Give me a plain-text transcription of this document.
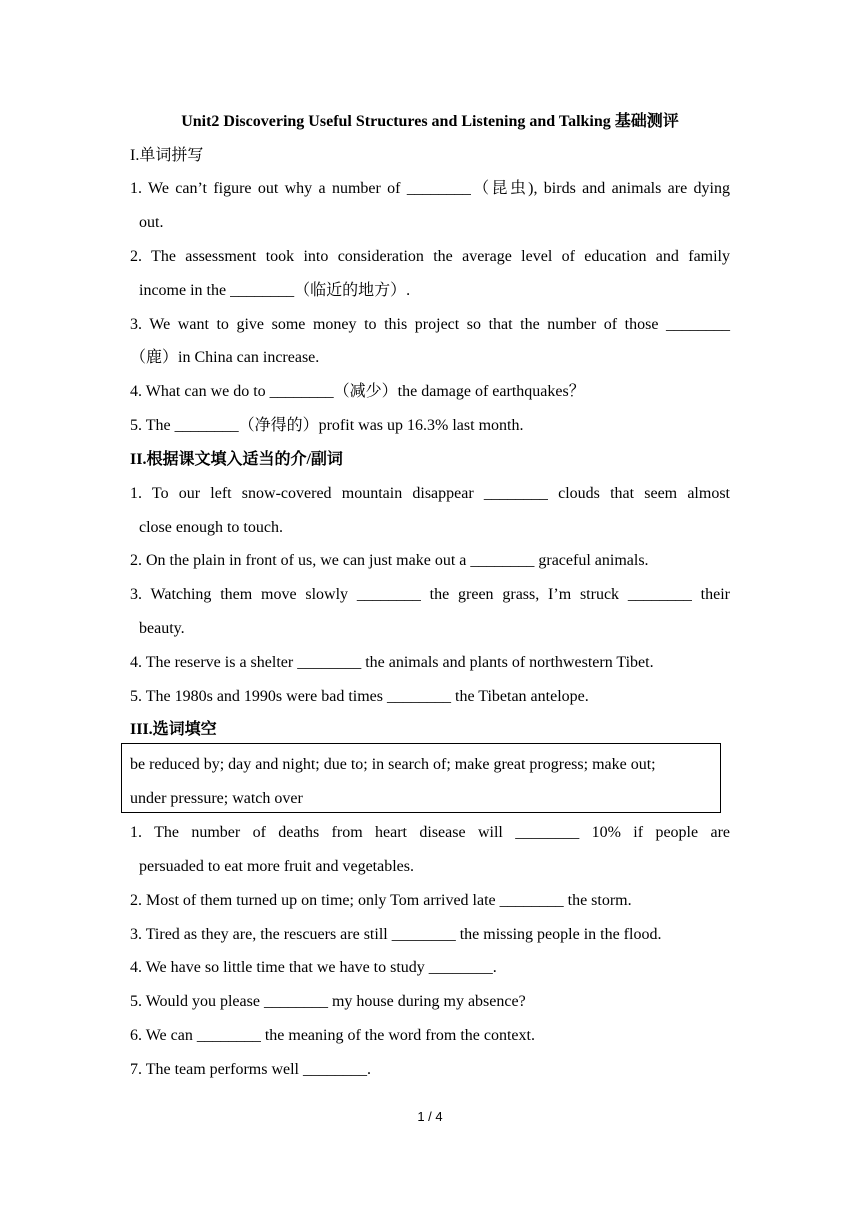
Unit2 Discovering Useful Structures and Listening and Talking 基础测评
I.单词拼写
1. We can’t figure out why a number of ________（昆虫), birds and animals are dying
out.
2. The assessment took into consideration the average level of education and family
income in the ________（临近的地方）.
3. We want to give some money to this project so that the number of those ________
（鹿）in China can increase.
4. What can we do to ________（减少）the damage of earthquakes？
5. The ________（净得的）profit was up 16.3% last month.
II.根据课文填入适当的介/副词
1. To our left snow-covered mountain disappear ________ clouds that seem almost
close enough to touch.
2. On the plain in front of us, we can just make out a ________ graceful animals.
3. Watching them move slowly ________ the green grass, I’m struck ________ their
beauty.
4. The reserve is a shelter ________ the animals and plants of northwestern Tibet.
5. The 1980s and 1990s were bad times ________ the Tibetan antelope.
III.选词填空
be reduced by; day and night; due to; in search of; make great progress; make out;
under pressure; watch over
1. The number of deaths from heart disease will ________ 10% if people are
persuaded to eat more fruit and vegetables.
2. Most of them turned up on time; only Tom arrived late ________ the storm.
3. Tired as they are, the rescuers are still ________ the missing people in the flood.
4. We have so little time that we have to study ________.
5. Would you please ________ my house during my absence?
6. We can ________ the meaning of the word from the context.
7. The team performs well ________.
1 / 4
